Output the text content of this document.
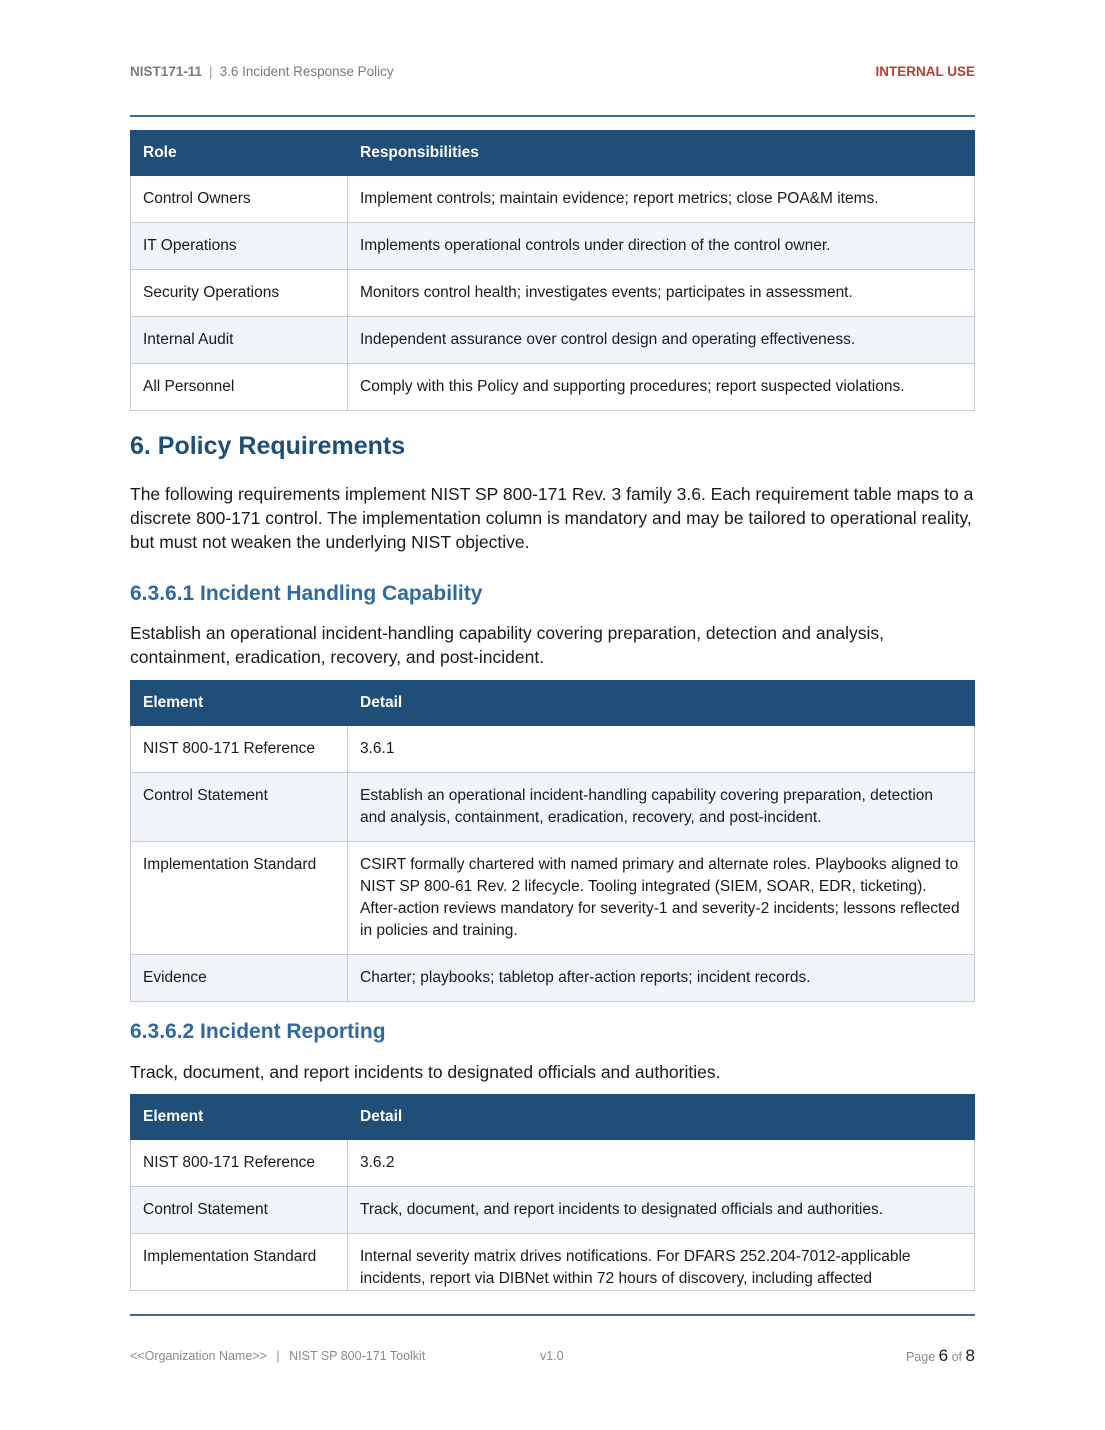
NIST171-11 | 3.6 Incident Response Policy	INTERNAL USE
Role	Responsibilities
Control Owners	Implement controls; maintain evidence; report metrics; close POA&M items.
IT Operations	Implements operational controls under direction of the control owner.
Security Operations	Monitors control health; investigates events; participates in assessment.
Internal Audit	Independent assurance over control design and operating effectiveness.
All Personnel	Comply with this Policy and supporting procedures; report suspected violations.
6. Policy Requirements

The following requirements implement NIST SP 800-171 Rev. 3 family 3.6. Each requirement table maps to a discrete 800-171 control. The implementation column is mandatory and may be tailored to operational reality, but must not weaken the underlying NIST objective.

6.3.6.1 Incident Handling Capability

Establish an operational incident-handling capability covering preparation, detection and analysis, containment, eradication, recovery, and post-incident.

Element	Detail
NIST 800-171 Reference	3.6.1
Control Statement	Establish an operational incident-handling capability covering preparation, detection and analysis, containment, eradication, recovery, and post-incident.
Implementation Standard	CSIRT formally chartered with named primary and alternate roles. Playbooks aligned to NIST SP 800-61 Rev. 2 lifecycle. Tooling integrated (SIEM, SOAR, EDR, ticketing). After-action reviews mandatory for severity-1 and severity-2 incidents; lessons reflected in policies and training.
Evidence	Charter; playbooks; tabletop after-action reports; incident records.
6.3.6.2 Incident Reporting

Track, document, and report incidents to designated officials and authorities.

Element	Detail
NIST 800-171 Reference	3.6.2
Control Statement	Track, document, and report incidents to designated officials and authorities.
Implementation Standard	Internal severity matrix drives notifications. For DFARS 252.204-7012-applicable incidents, report via DIBNet within 72 hours of discovery, including affected
<<Organization Name>> | NIST SP 800-171 Toolkit	v1.0	Page 6 of 8
